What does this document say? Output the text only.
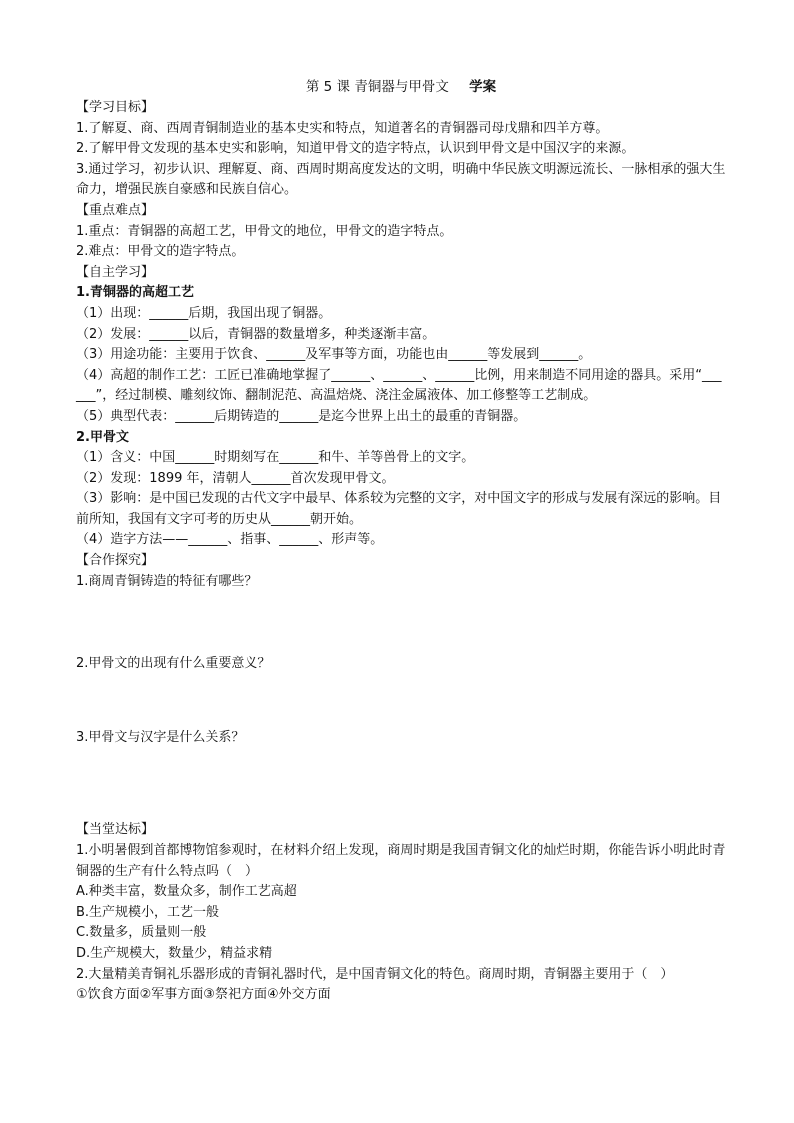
第 5 课 青铜器与甲骨文 学案
【学习目标】
1.了解夏、商、西周青铜制造业的基本史实和特点，知道著名的青铜器司母戊鼎和四羊方尊。
2.了解甲骨文发现的基本史实和影响，知道甲骨文的造字特点，认识到甲骨文是中国汉字的来源。
3.通过学习，初步认识、理解夏、商、西周时期高度发达的文明，明确中华民族文明源远流长、一脉相承的强大生命力，增强民族自豪感和民族自信心。
【重点难点】
1.重点：青铜器的高超工艺，甲骨文的地位，甲骨文的造字特点。
2.难点：甲骨文的造字特点。
【自主学习】
1.青铜器的高超工艺
（1）出现：______后期，我国出现了铜器。
（2）发展：______以后，青铜器的数量增多，种类逐渐丰富。
（3）用途功能：主要用于饮食、______及军事等方面，功能也由______等发展到______。
（4）高超的制作工艺：工匠已准确地掌握了______、______、______比例，用来制造不同用途的器具。采用“______”，经过制模、雕刻纹饰、翻制泥范、高温焙烧、浇注金属液体、加工修整等工艺制成。
（5）典型代表：______后期铸造的______是迄今世界上出土的最重的青铜器。
2.甲骨文
（1）含义：中国______时期刻写在______和牛、羊等兽骨上的文字。
（2）发现：1899 年，清朝人______首次发现甲骨文。
（3）影响：是中国已发现的古代文字中最早、体系较为完整的文字，对中国文字的形成与发展有深远的影响。目前所知，我国有文字可考的历史从______朝开始。
（4）造字方法——______、指事、______、形声等。
【合作探究】
1.商周青铜铸造的特征有哪些？
2.甲骨文的出现有什么重要意义？
3.甲骨文与汉字是什么关系？
【当堂达标】
1.小明暑假到首都博物馆参观时，在材料介绍上发现，商周时期是我国青铜文化的灿烂时期，你能告诉小明此时青铜器的生产有什么特点吗（　）
A.种类丰富，数量众多，制作工艺高超
B.生产规模小，工艺一般
C.数量多，质量则一般
D.生产规模大，数量少，精益求精
2.大量精美青铜礼乐器形成的青铜礼器时代，是中国青铜文化的特色。商周时期，青铜器主要用于（　）
①饮食方面②军事方面③祭祀方面④外交方面
